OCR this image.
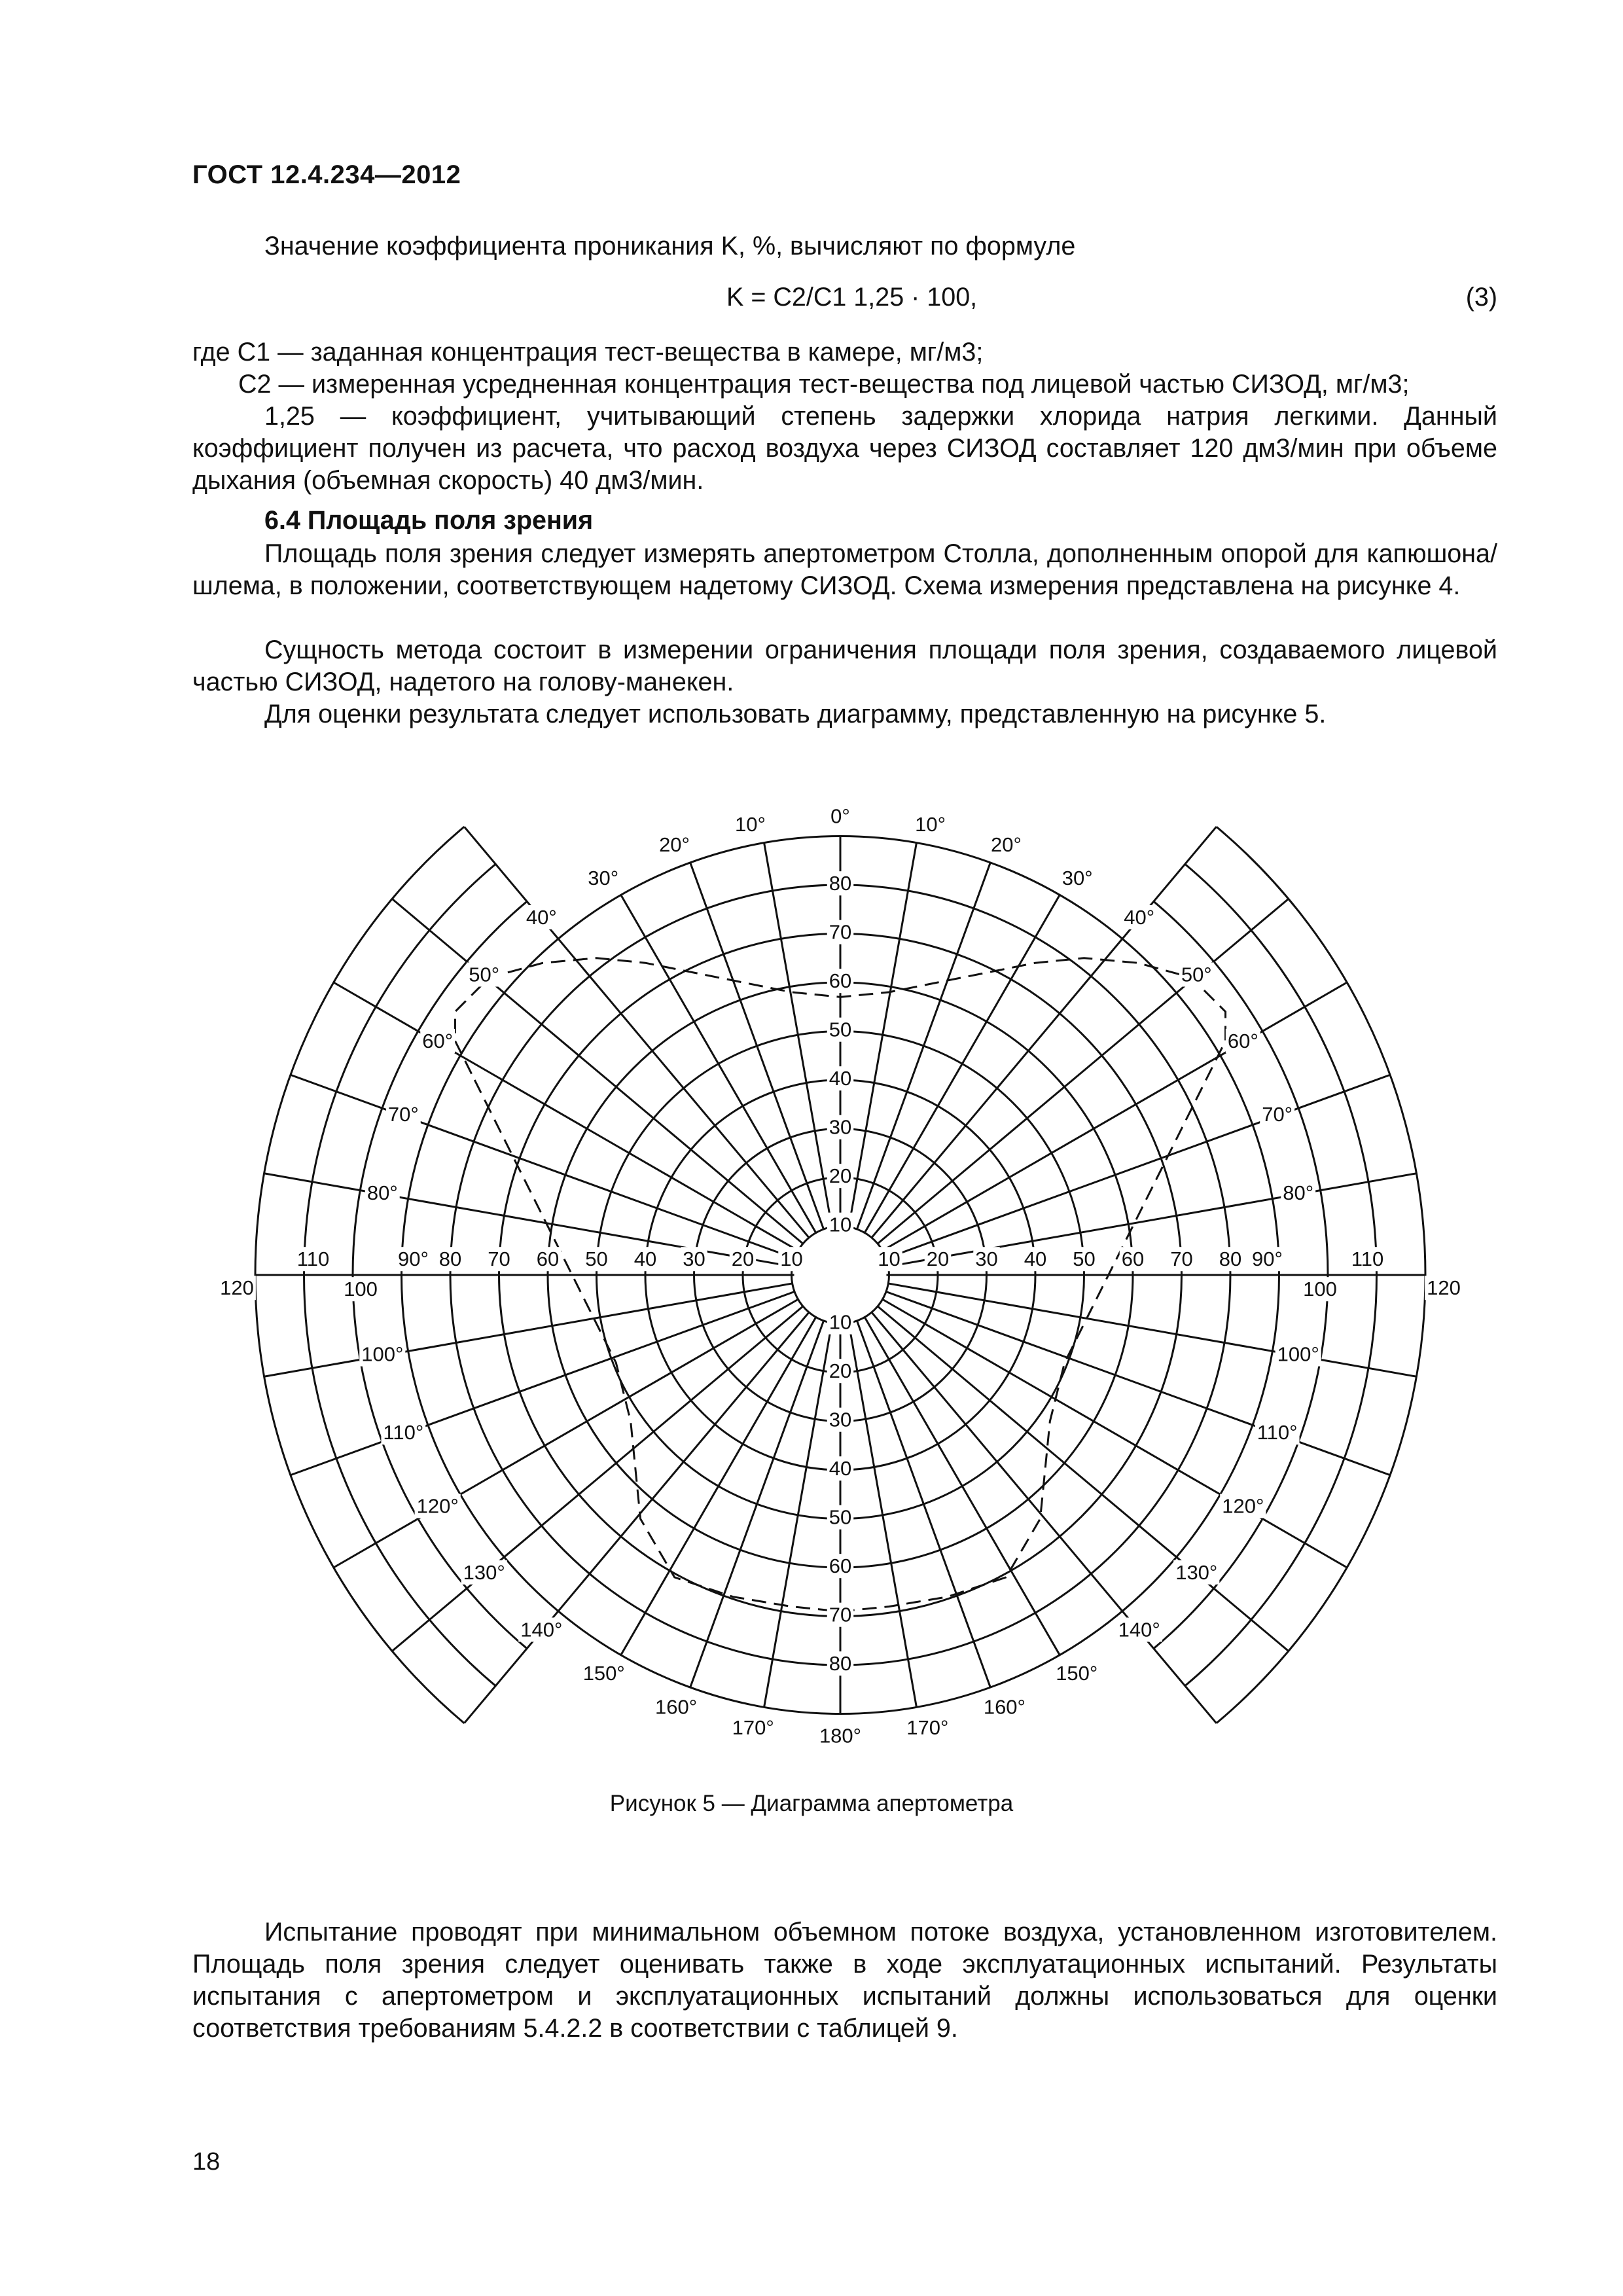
ГОСТ 12.4.234—2012
Значение коэффициента проникания K, %, вычисляют по формуле
K = C2/C1 1,25 · 100,	(3)
где C1 — заданная концентрация тест-вещества в камере, мг/м3;
C2 — измеренная усредненная концентрация тест-вещества под лицевой частью СИЗОД, мг/м3;
1,25 — коэффициент, учитывающий степень задержки хлорида натрия легкими. Данный коэффициент получен из расчета, что расход воздуха через СИЗОД составляет 120 дм3/мин при объеме дыхания (объемная скорость) 40 дм3/мин.
6.4 Площадь поля зрения
Площадь поля зрения следует измерять апертометром Столла, дополненным опорой для капюшона/шлема, в положении, соответствующем надетому СИЗОД. Схема измерения представлена на рисунке 4.
Сущность метода состоит в измерении ограничения площади поля зрения, создаваемого лицевой частью СИЗОД, надетого на голову-манекен.
Для оценки результата следует использовать диаграмму, представленную на рисунке 5.
10
10
20
20
30
30
40
40
50
50
60
60
70
70
80
80
10
10	20
20	30
30	40
40	50
50	60
60	70
70	80
80	90°
90°
100
100
110
110
120
120
0°
180°
10°
10°
20°
20°
30°
30°
40°
40°
50°
50°
60°
60°
70°
70°
80°
80°
100°
100°
110°
110°
120°
120°
130°
130°
140°
140°
150°
150°
160°
160°
170°
170°
Рисунок 5 — Диаграмма апертометра
Испытание проводят при минимальном объемном потоке воздуха, установленном изготовителем. Площадь поля зрения следует оценивать также в ходе эксплуатационных испытаний. Результаты испытания с апертометром и эксплуатационных испытаний должны использоваться для оценки соответствия требованиям 5.4.2.2 в соответствии с таблицей 9.
18
